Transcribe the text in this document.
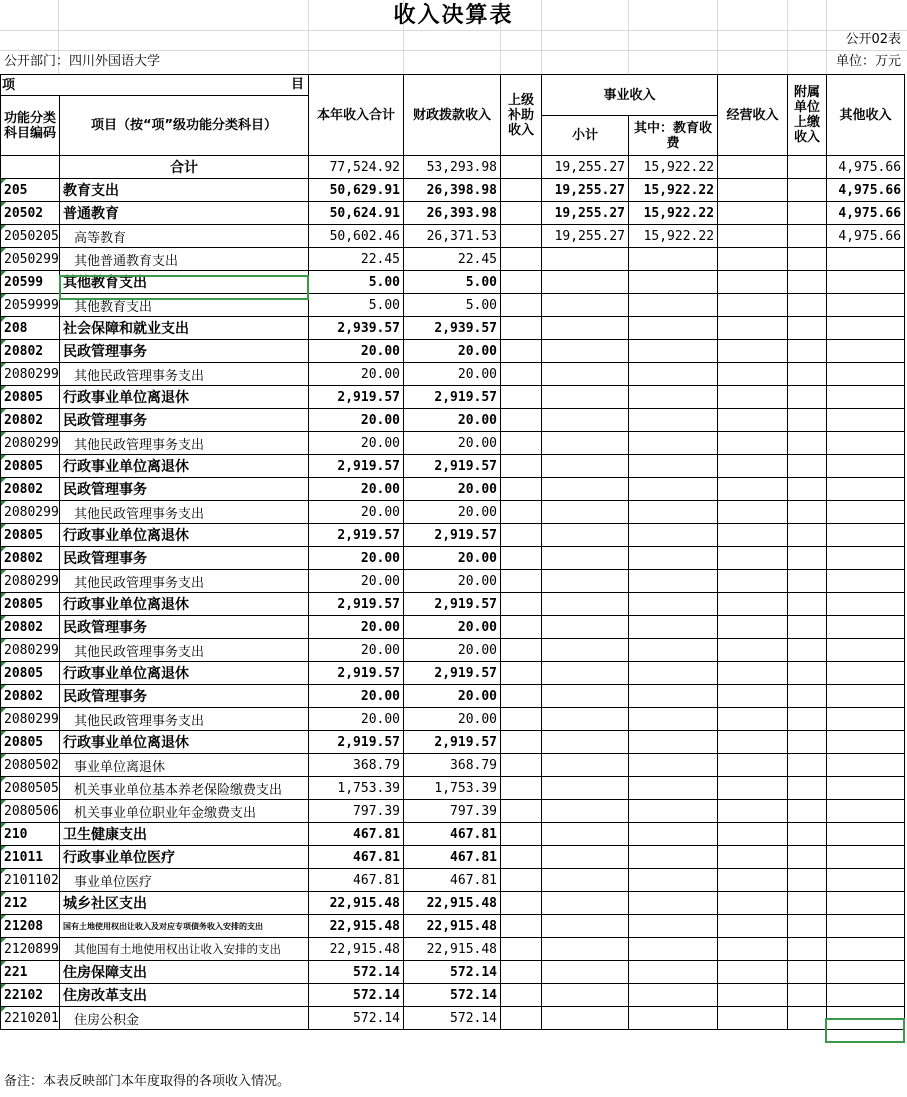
收入决算表
公开02表
公开部门：四川外国语大学	单位：万元
项 目		本年收入合计	财政拨款收入	上级补助收入	事业收入		经营收入	附属单位上缴收入	其他收入
功能分类科目编码	项目（按“项”级功能分类科目）								
					小计	其中：教育收费			
	合计	77,524.92	53,293.98		19,255.27	15,922.22			4,975.66
205	教育支出	50,629.91	26,398.98		19,255.27	15,922.22			4,975.66
20502	普通教育	50,624.91	26,393.98		19,255.27	15,922.22			4,975.66
2050205	高等教育	50,602.46	26,371.53		19,255.27	15,922.22			4,975.66
2050299	其他普通教育支出	22.45	22.45						
20599	其他教育支出	5.00	5.00						
2059999	其他教育支出	5.00	5.00						
208	社会保障和就业支出	2,939.57	2,939.57						
20802	民政管理事务	20.00	20.00						
2080299	其他民政管理事务支出	20.00	20.00						
20805	行政事业单位离退休	2,919.57	2,919.57						
20802	民政管理事务	20.00	20.00						
2080299	其他民政管理事务支出	20.00	20.00						
20805	行政事业单位离退休	2,919.57	2,919.57						
20802	民政管理事务	20.00	20.00						
2080299	其他民政管理事务支出	20.00	20.00						
20805	行政事业单位离退休	2,919.57	2,919.57						
20802	民政管理事务	20.00	20.00						
2080299	其他民政管理事务支出	20.00	20.00						
20805	行政事业单位离退休	2,919.57	2,919.57						
20802	民政管理事务	20.00	20.00						
2080299	其他民政管理事务支出	20.00	20.00						
20805	行政事业单位离退休	2,919.57	2,919.57						
20802	民政管理事务	20.00	20.00						
2080299	其他民政管理事务支出	20.00	20.00						
20805	行政事业单位离退休	2,919.57	2,919.57						
2080502	事业单位离退休	368.79	368.79						
2080505	机关事业单位基本养老保险缴费支出	1,753.39	1,753.39						
2080506	机关事业单位职业年金缴费支出	797.39	797.39						
210	卫生健康支出	467.81	467.81						
21011	行政事业单位医疗	467.81	467.81						
2101102	事业单位医疗	467.81	467.81						
212	城乡社区支出	22,915.48	22,915.48						
21208	国有土地使用权出让收入及对应专项债务收入安排的支出	22,915.48	22,915.48						
2120899	其他国有土地使用权出让收入安排的支出	22,915.48	22,915.48						
221	住房保障支出	572.14	572.14						
22102	住房改革支出	572.14	572.14						
2210201	住房公积金	572.14	572.14						
备注：本表反映部门本年度取得的各项收入情况。
